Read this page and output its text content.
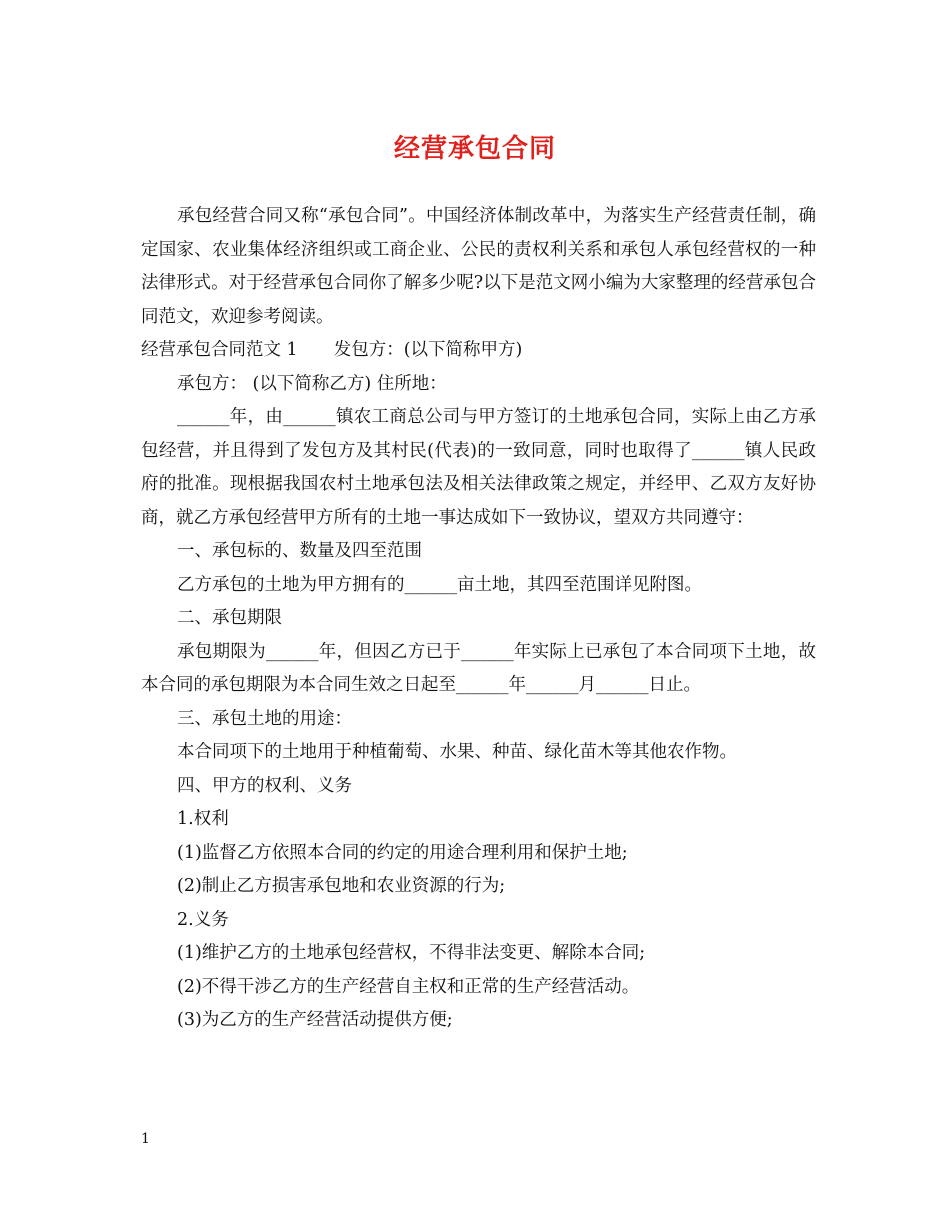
经营承包合同

承包经营合同又称“承包合同”。中国经济体制改革中，为落实生产经营责任制，确定国家、农业集体经济组织或工商企业、公民的责权利关系和承包人承包经营权的一种法律形式。对于经营承包合同你了解多少呢?以下是范文网小编为大家整理的经营承包合同范文，欢迎参考阅读。

经营承包合同范文 1 发包方：(以下简称甲方)

承包方： (以下简称乙方) 住所地：

______年，由______镇农工商总公司与甲方签订的土地承包合同，实际上由乙方承包经营，并且得到了发包方及其村民(代表)的一致同意，同时也取得了______镇人民政府的批准。现根据我国农村土地承包法及相关法律政策之规定，并经甲、乙双方友好协商，就乙方承包经营甲方所有的土地一事达成如下一致协议，望双方共同遵守：

一、承包标的、数量及四至范围

乙方承包的土地为甲方拥有的______亩土地，其四至范围详见附图。

二、承包期限

承包期限为______年，但因乙方已于______年实际上已承包了本合同项下土地，故本合同的承包期限为本合同生效之日起至______年______月______日止。

三、承包土地的用途：

本合同项下的土地用于种植葡萄、水果、种苗、绿化苗木等其他农作物。

四、甲方的权利、义务

1.权利

(1)监督乙方依照本合同的约定的用途合理利用和保护土地;

(2)制止乙方损害承包地和农业资源的行为;

2.义务

(1)维护乙方的土地承包经营权，不得非法变更、解除本合同;

(2)不得干涉乙方的生产经营自主权和正常的生产经营活动。

(3)为乙方的生产经营活动提供方便;

1
